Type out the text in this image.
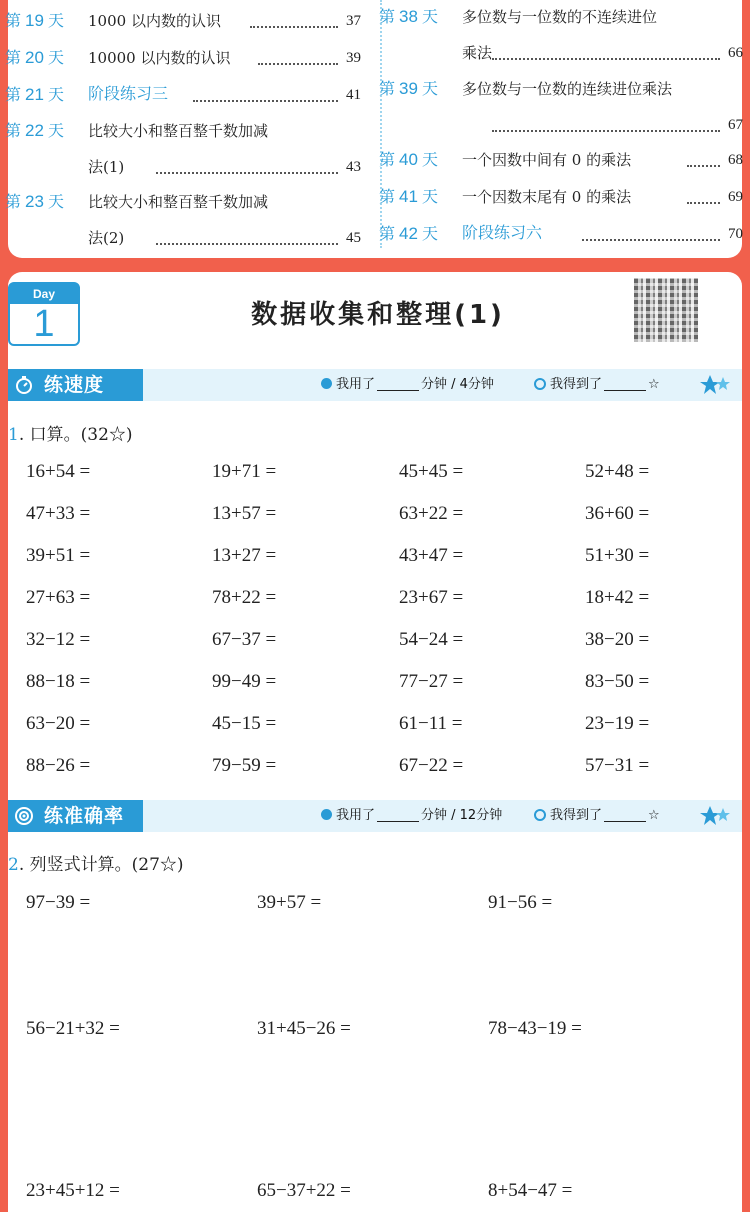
第 19 天 1000 以内数的认识	37
第 20 天 10000 以内数的认识	39
第 21 天 阶段练习三	41
第 22 天 比较大小和整百整千数加减
法(1)	43
第 23 天 比较大小和整百整千数加减
法(2)	45
第 38 天 多位数与一位数的不连续进位
乘法	66
第 39 天 多位数与一位数的连续进位乘法
67
第 40 天 一个因数中间有 0 的乘法	68
第 41 天 一个因数末尾有 0 的乘法	69
第 42 天 阶段练习六	70
Day
1	数据收集和整理(1)
练速度	我用了	分钟 / 4分钟	我得到了	☆
1. 口算。(32☆)
16+54 =	19+71 =	45+45 =	52+48 =
47+33 =	13+57 =	63+22 =	36+60 =
39+51 =	13+27 =	43+47 =	51+30 =
27+63 =	78+22 =	23+67 =	18+42 =
32−12 =	67−37 =	54−24 =	38−20 =
88−18 =	99−49 =	77−27 =	83−50 =
63−20 =	45−15 =	61−11 =	23−19 =
88−26 =	79−59 =	67−22 =	57−31 =
练准确率	我用了	分钟 / 12分钟	我得到了	☆
2. 列竖式计算。(27☆)
97−39 =	39+57 =	91−56 =
56−21+32 =	31+45−26 =	78−43−19 =
23+45+12 =	65−37+22 =	8+54−47 =
